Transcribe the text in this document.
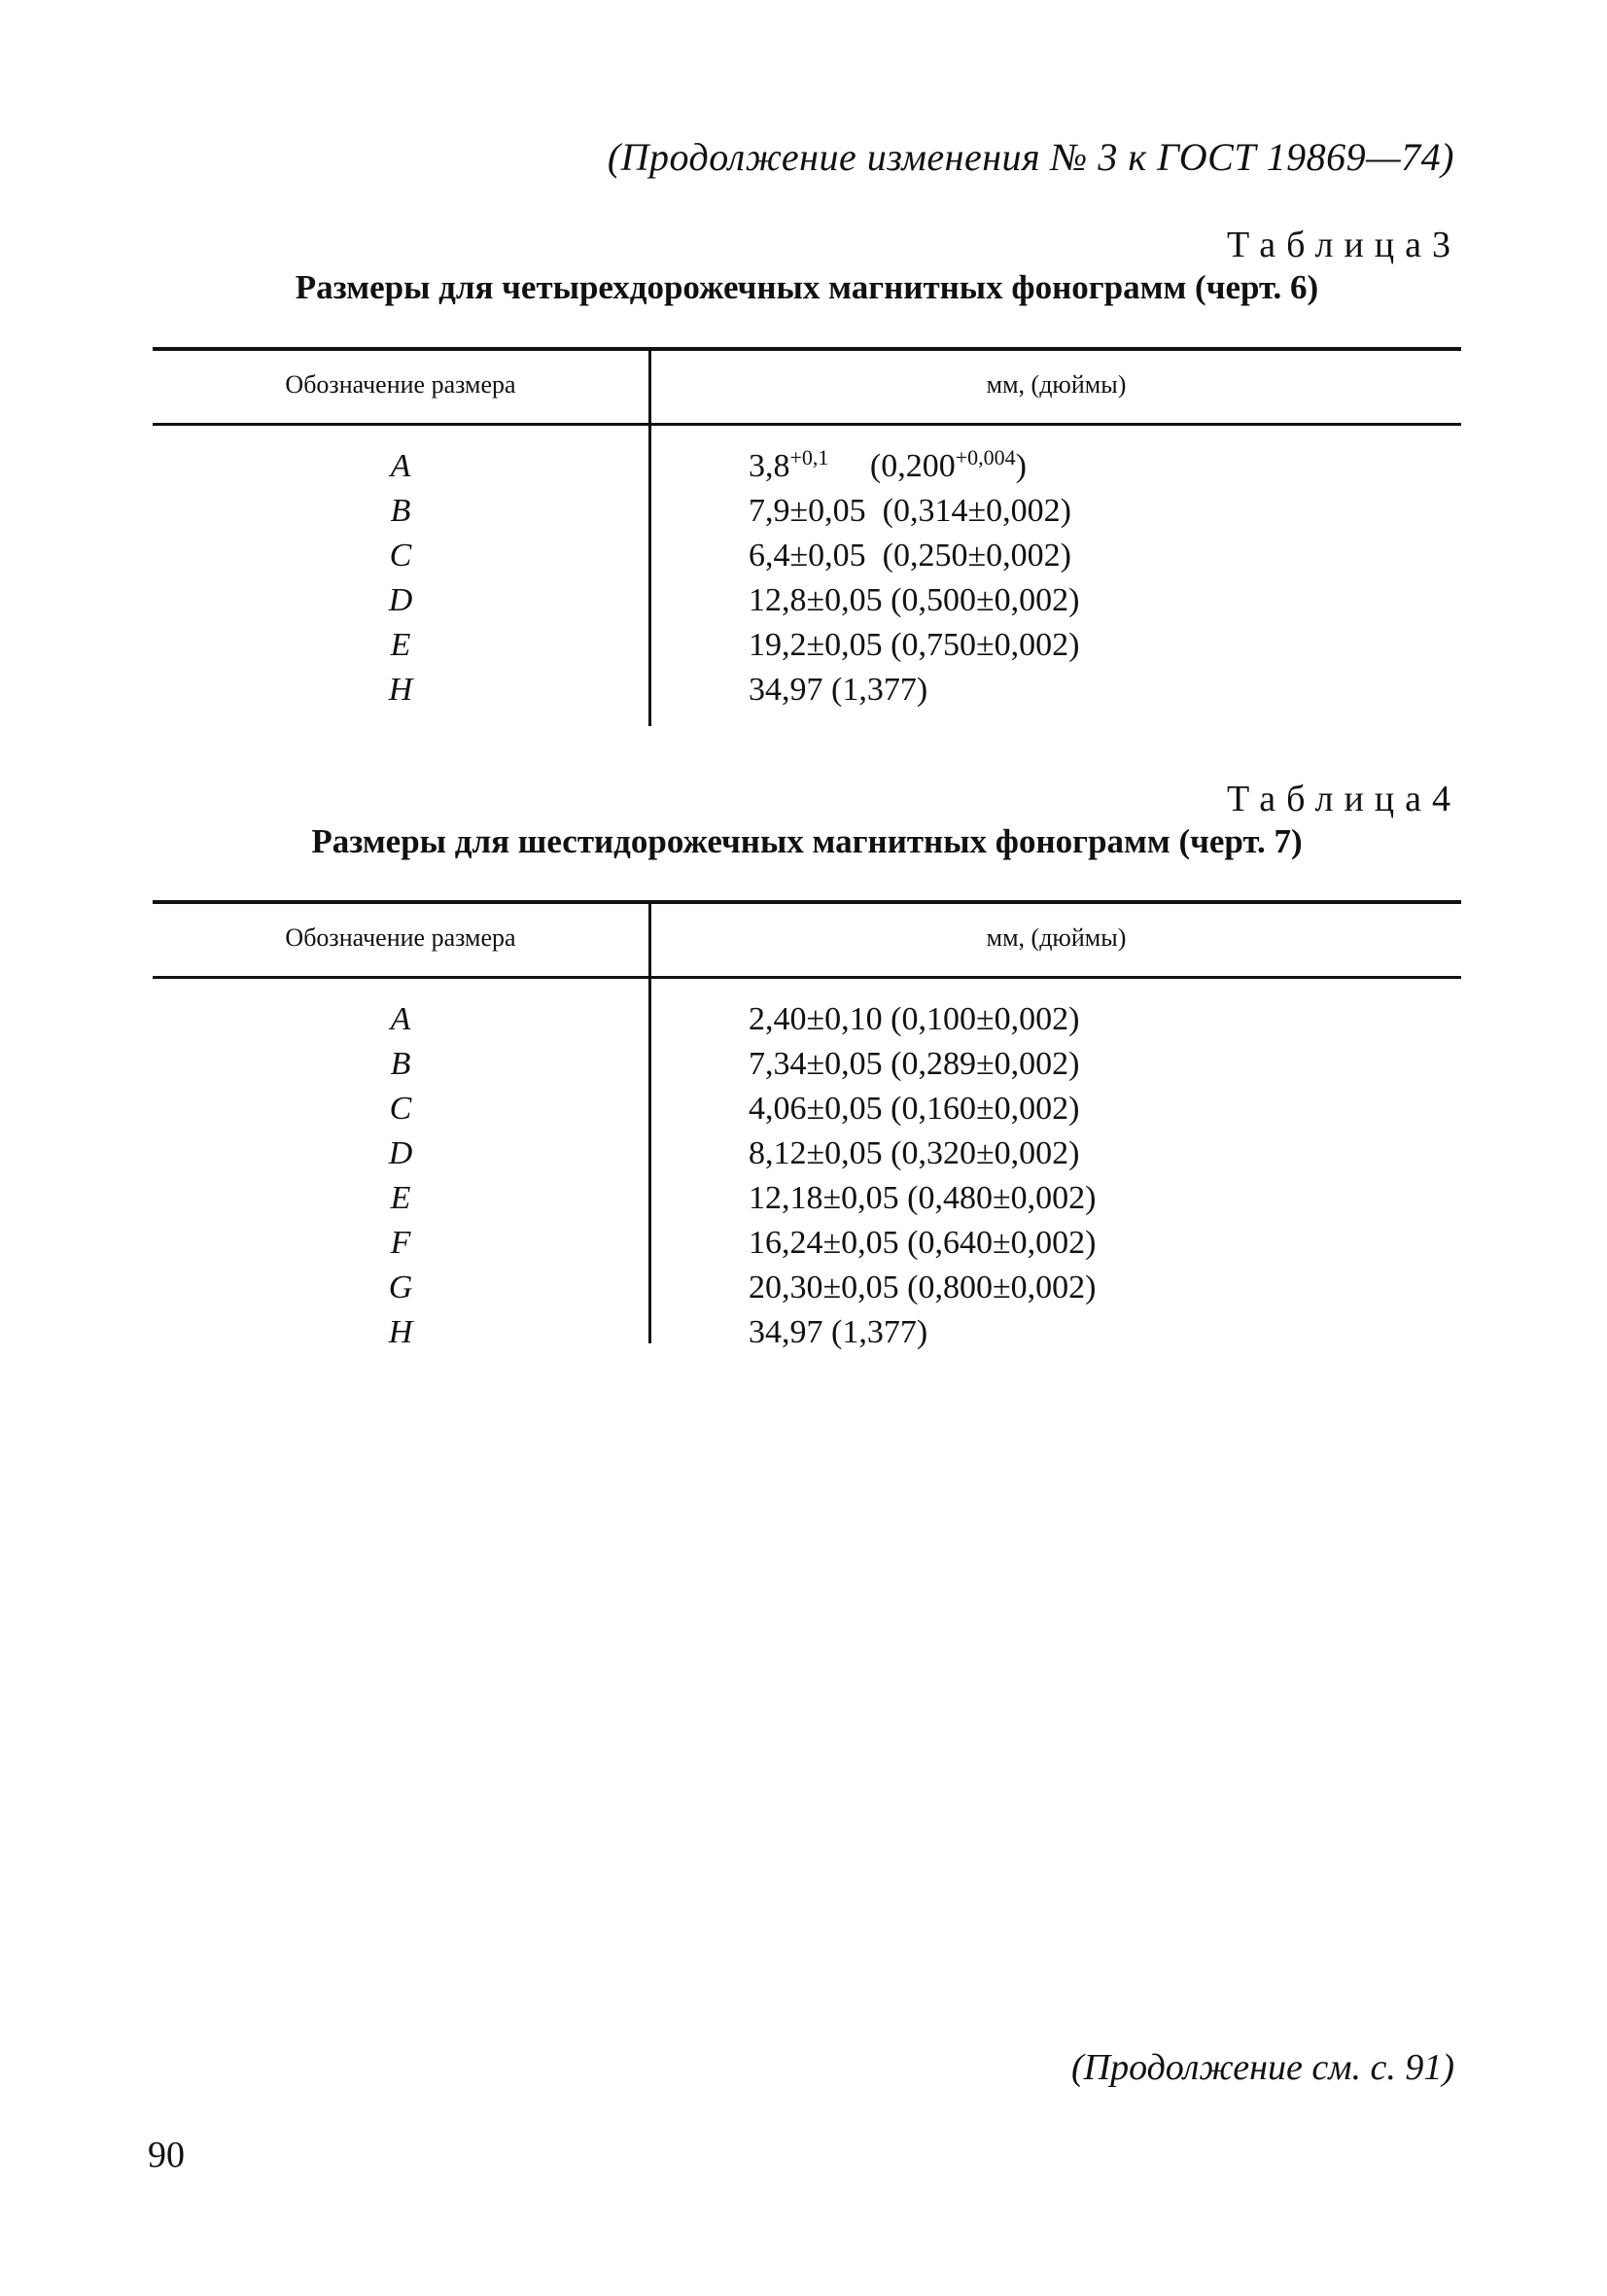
(Продолжение изменения № 3 к ГОСТ 19869—74)
Таблица3
Размеры для четырехдорожечных магнитных фонограмм (черт. 6)
Обозначение размера	мм, (дюймы)
A	$3,8^{+0,1}$     $(0,200^{+0,004})$
B	7,9±0,05  (0,314±0,002)
C	6,4±0,05  (0,250±0,002)
D	12,8±0,05 (0,500±0,002)
E	19,2±0,05 (0,750±0,002)
H	34,97 (1,377)
Таблица4
Размеры для шестидорожечных магнитных фонограмм (черт. 7)
Обозначение размера	мм, (дюймы)
A	2,40±0,10 (0,100±0,002)
B	7,34±0,05 (0,289±0,002)
C	4,06±0,05 (0,160±0,002)
D	8,12±0,05 (0,320±0,002)
E	12,18±0,05 (0,480±0,002)
F	16,24±0,05 (0,640±0,002)
G	20,30±0,05 (0,800±0,002)
H	34,97 (1,377)
(Продолжение см. с. 91)
90
